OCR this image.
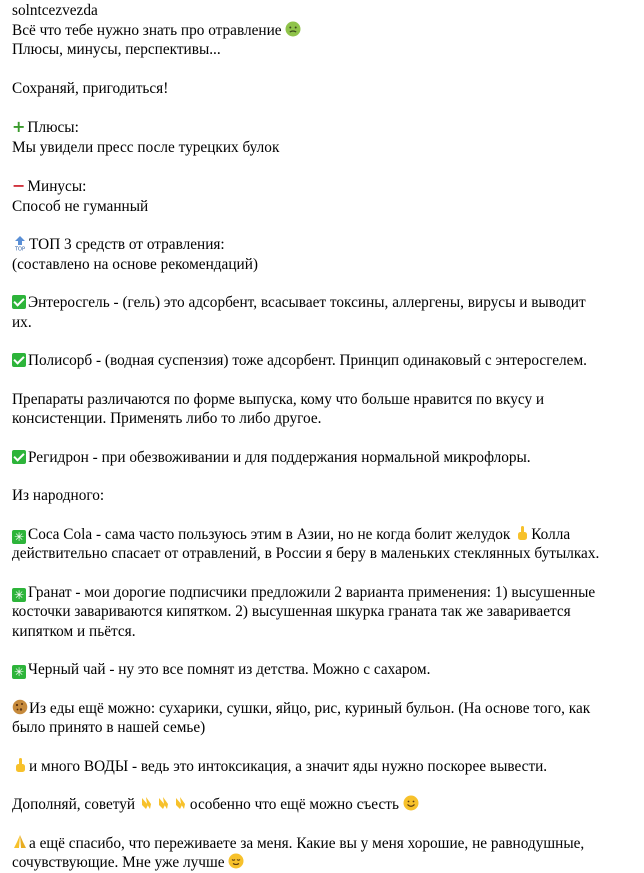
solntcezvezda
Всё что тебе нужно знать про отравление
Плюсы, минусы, перспективы...
Сохраняй, пригодиться!
+ Плюсы:
Мы увидели пресс после турецких булок
− Минусы:
Способ не гуманный
TOP ТОП 3 средств от отравления:
(составлено на основе рекомендаций)
Энтеросгель - (гель) это адсорбент, всасывает токсины, аллергены, вирусы и выводит
их.
Полисорб - (водная суспензия) тоже адсорбент. Принцип одинаковый с энтеросгелем.
Препараты различаются по форме выпуска, кому что больше нравится по вкусу и
консистенции. Применять либо то либо другое.
Регидрон - при обезвоживании и для поддержания нормальной микрофлоры.
Из народного:
✳ Coca Cola - сама часто пользуюсь этим в Азии, но не когда болит желудок Колла
действительно спасает от отравлений, в России я беру в маленьких стеклянных бутылках.
✳ Гранат - мои дорогие подписчики предложили 2 варианта применения: 1) высушенные
косточки завариваются кипятком. 2) высушенная шкурка граната так же заваривается
кипятком и пьётся.
✳ Черный чай - ну это все помнят из детства. Можно с сахаром.
Из еды ещё можно: сухарики, сушки, яйцо, рис, куриный бульон. (На основе того, как
было принято в нашей семье)
и много ВОДЫ - ведь это интоксикация, а значит яды нужно поскорее вывести.
Дополняй, советуй	особенно что ещё можно съесть
а ещё спасибо, что переживаете за меня. Какие вы у меня хорошие, не равнодушные,
сочувствующие. Мне уже лучше
